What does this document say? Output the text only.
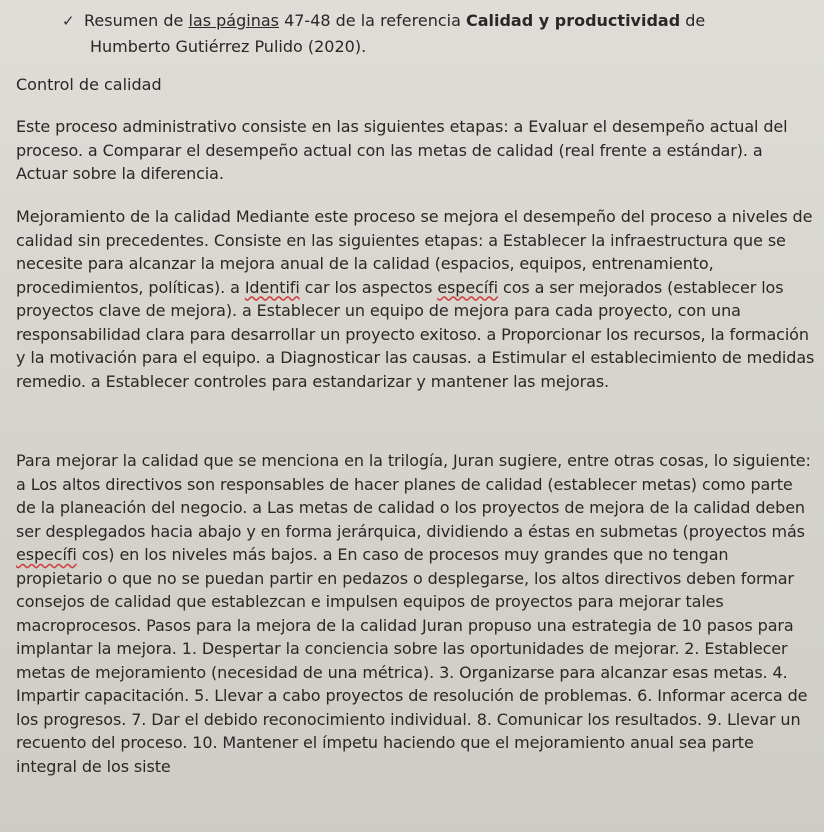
✓ Resumen de las páginas 47-48 de la referencia Calidad y productividad de
Humberto Gutiérrez Pulido (2020).
Control de calidad

Este proceso administrativo consiste en las siguientes etapas: a Evaluar el desempeño actual del proceso. a Comparar el desempeño actual con las metas de calidad (real frente a estándar). a Actuar sobre la diferencia.

Mejoramiento de la calidad Mediante este proceso se mejora el desempeño del proceso a niveles de calidad sin precedentes. Consiste en las siguientes etapas: a Establecer la infraestructura que se necesite para alcanzar la mejora anual de la calidad (espacios, equipos, entrenamiento, procedimientos, políticas). a Identifi car los aspectos específi cos a ser mejorados (establecer los proyectos clave de mejora). a Establecer un equipo de mejora para cada proyecto, con una responsabilidad clara para desarrollar un proyecto exitoso. a Proporcionar los recursos, la formación y la motivación para el equipo. a Diagnosticar las causas. a Estimular el establecimiento de medidas remedio. a Establecer controles para estandarizar y mantener las mejoras.

Para mejorar la calidad que se menciona en la trilogía, Juran sugiere, entre otras cosas, lo siguiente: a Los altos directivos son responsables de hacer planes de calidad (establecer metas) como parte de la planeación del negocio. a Las metas de calidad o los proyectos de mejora de la calidad deben ser desplegados hacia abajo y en forma jerárquica, dividiendo a éstas en submetas (proyectos más específi cos) en los niveles más bajos. a En caso de procesos muy grandes que no tengan propietario o que no se puedan partir en pedazos o desplegarse, los altos directivos deben formar consejos de calidad que establezcan e impulsen equipos de proyectos para mejorar tales macroprocesos. Pasos para la mejora de la calidad Juran propuso una estrategia de 10 pasos para implantar la mejora. 1. Despertar la conciencia sobre las oportunidades de mejorar. 2. Establecer metas de mejoramiento (necesidad de una métrica). 3. Organizarse para alcanzar esas metas. 4. Impartir capacitación. 5. Llevar a cabo proyectos de resolución de problemas. 6. Informar acerca de los progresos. 7. Dar el debido reconocimiento individual. 8. Comunicar los resultados. 9. Llevar un recuento del proceso. 10. Mantener el ímpetu haciendo que el mejoramiento anual sea parte integral de los siste
